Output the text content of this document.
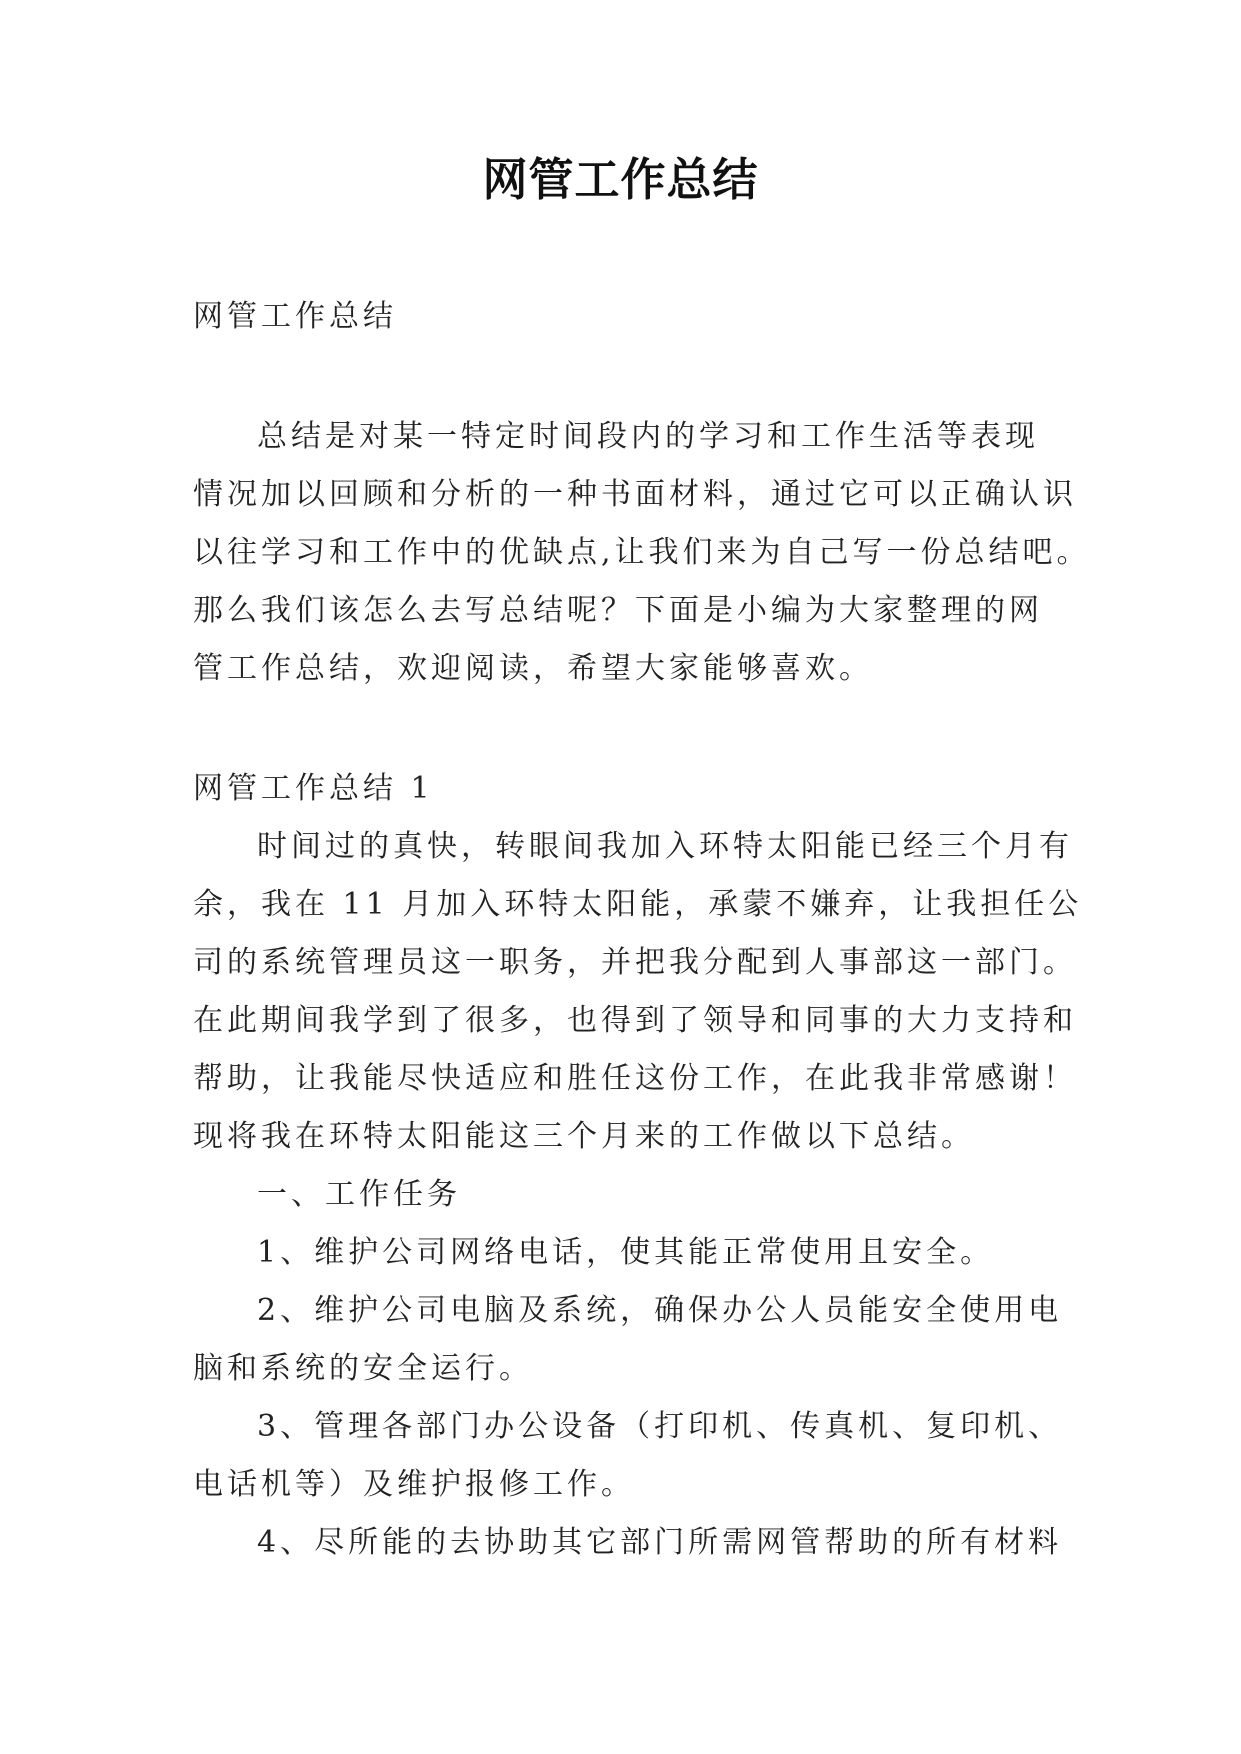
网管工作总结

网管工作总结

总结是对某一特定时间段内的学习和工作生活等表现
情况加以回顾和分析的一种书面材料，通过它可以正确认识
以往学习和工作中的优缺点,让我们来为自己写一份总结吧。
那么我们该怎么去写总结呢？下面是小编为大家整理的网
管工作总结，欢迎阅读，希望大家能够喜欢。

网管工作总结 1

时间过的真快，转眼间我加入环特太阳能已经三个月有
余，我在 11 月加入环特太阳能，承蒙不嫌弃，让我担任公
司的系统管理员这一职务，并把我分配到人事部这一部门。
在此期间我学到了很多，也得到了领导和同事的大力支持和
帮助，让我能尽快适应和胜任这份工作，在此我非常感谢！
现将我在环特太阳能这三个月来的工作做以下总结。
一、工作任务
1、维护公司网络电话，使其能正常使用且安全。
2、维护公司电脑及系统，确保办公人员能安全使用电
脑和系统的安全运行。
3、管理各部门办公设备（打印机、传真机、复印机、
电话机等）及维护报修工作。
4、尽所能的去协助其它部门所需网管帮助的所有材料
